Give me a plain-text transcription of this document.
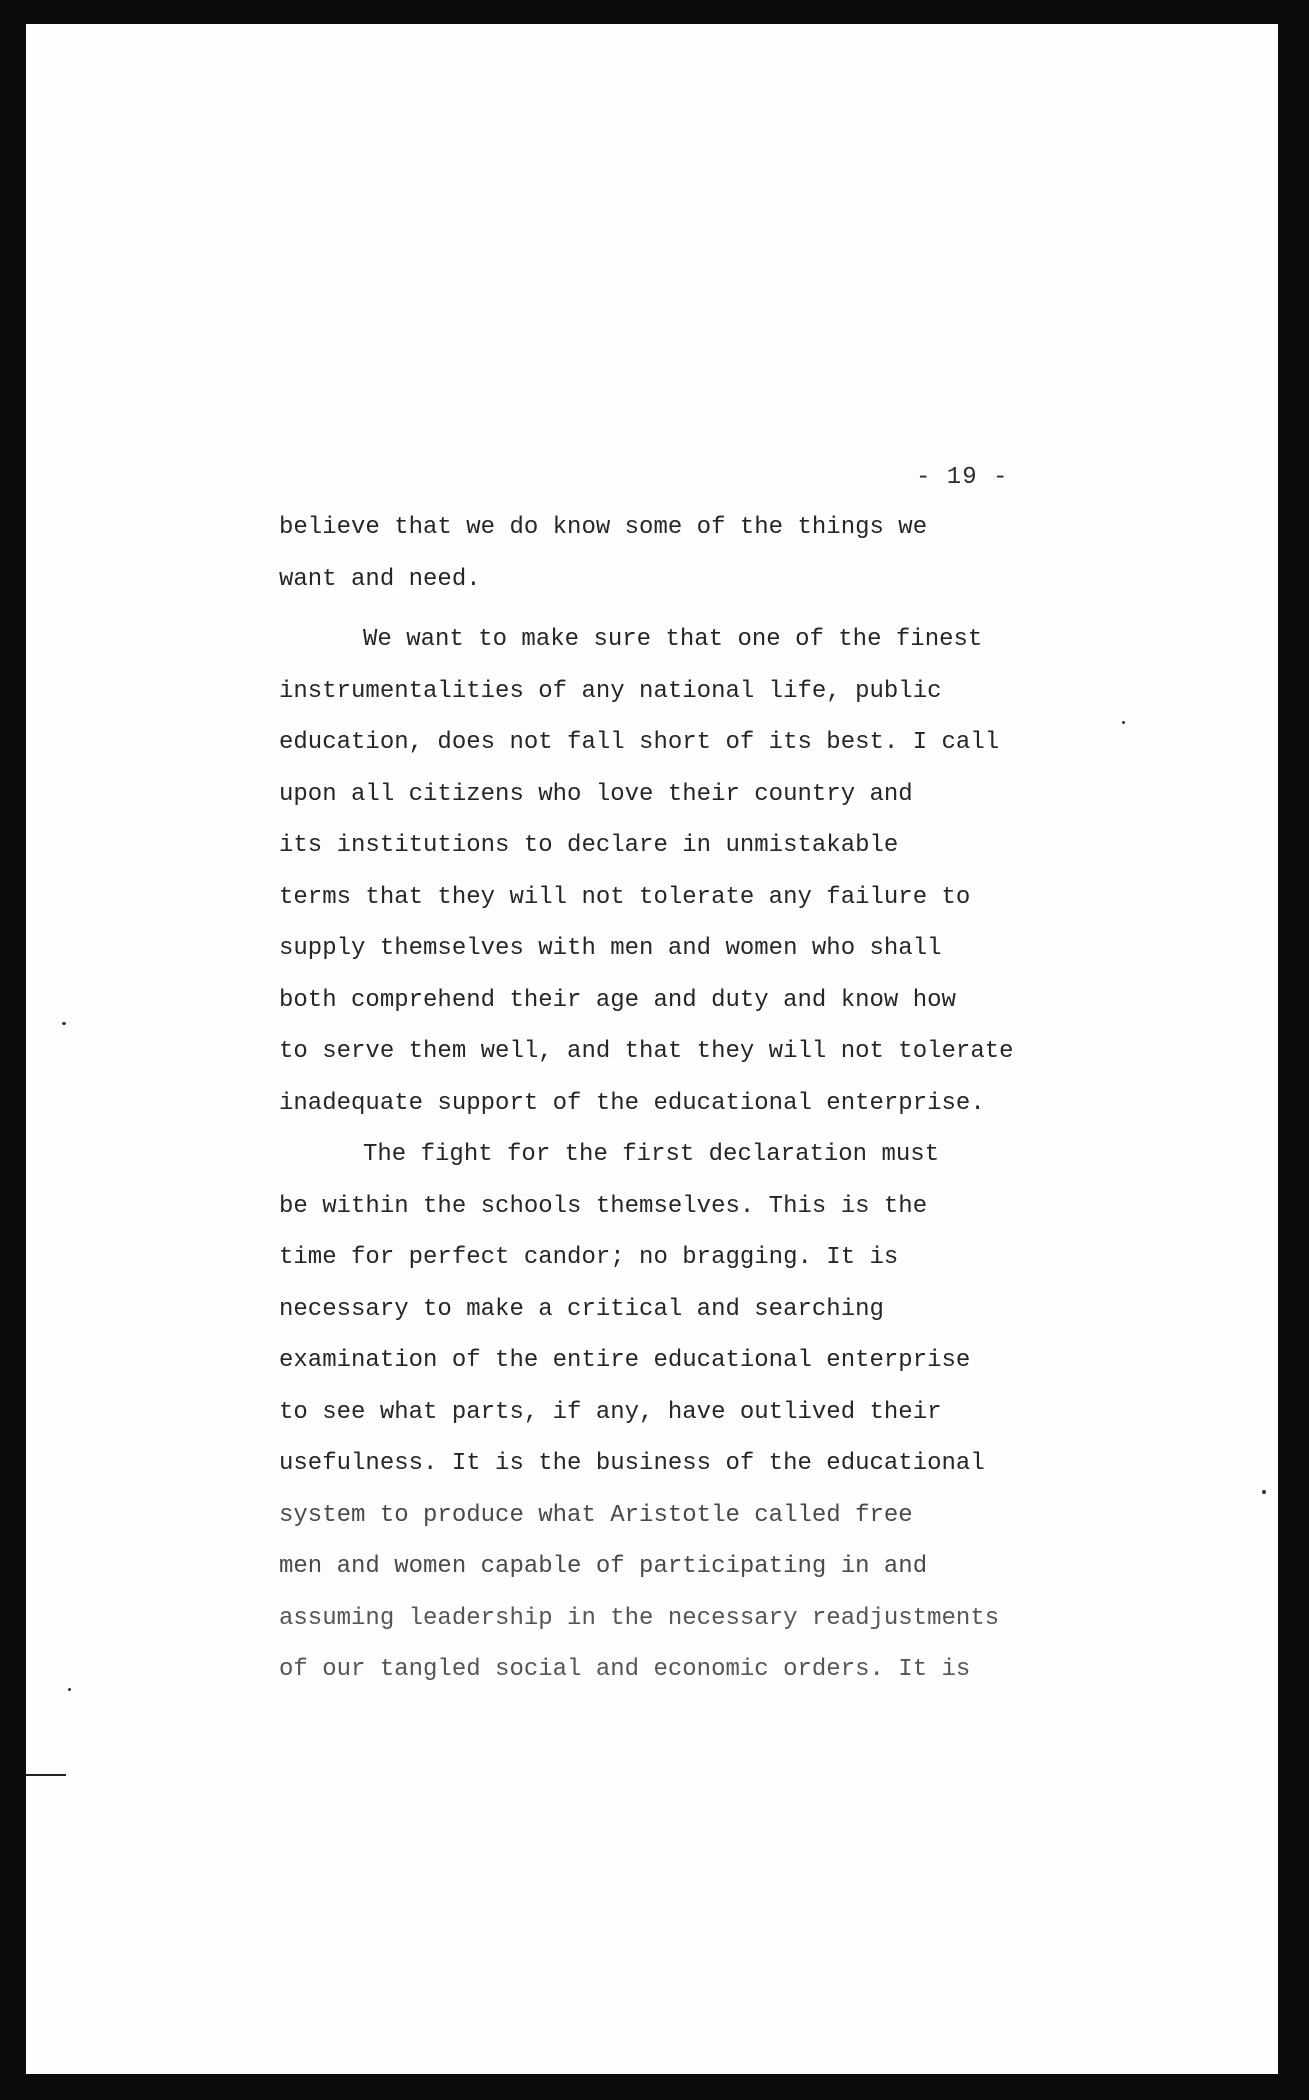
- 19 -
believe that we do know some of the things we
want and need.
We want to make sure that one of the finest
instrumentalities of any national life, public
education, does not fall short of its best. I call
upon all citizens who love their country and
its institutions to declare in unmistakable
terms that they will not tolerate any failure to
supply themselves with men and women who shall
both comprehend their age and duty and know how
to serve them well, and that they will not tolerate
inadequate support of the educational enterprise.
The fight for the first declaration must
be within the schools themselves. This is the
time for perfect candor; no bragging. It is
necessary to make a critical and searching
examination of the entire educational enterprise
to see what parts, if any, have outlived their
usefulness. It is the business of the educational
system to produce what Aristotle called free
men and women capable of participating in and
assuming leadership in the necessary readjustments
of our tangled social and economic orders. It is
